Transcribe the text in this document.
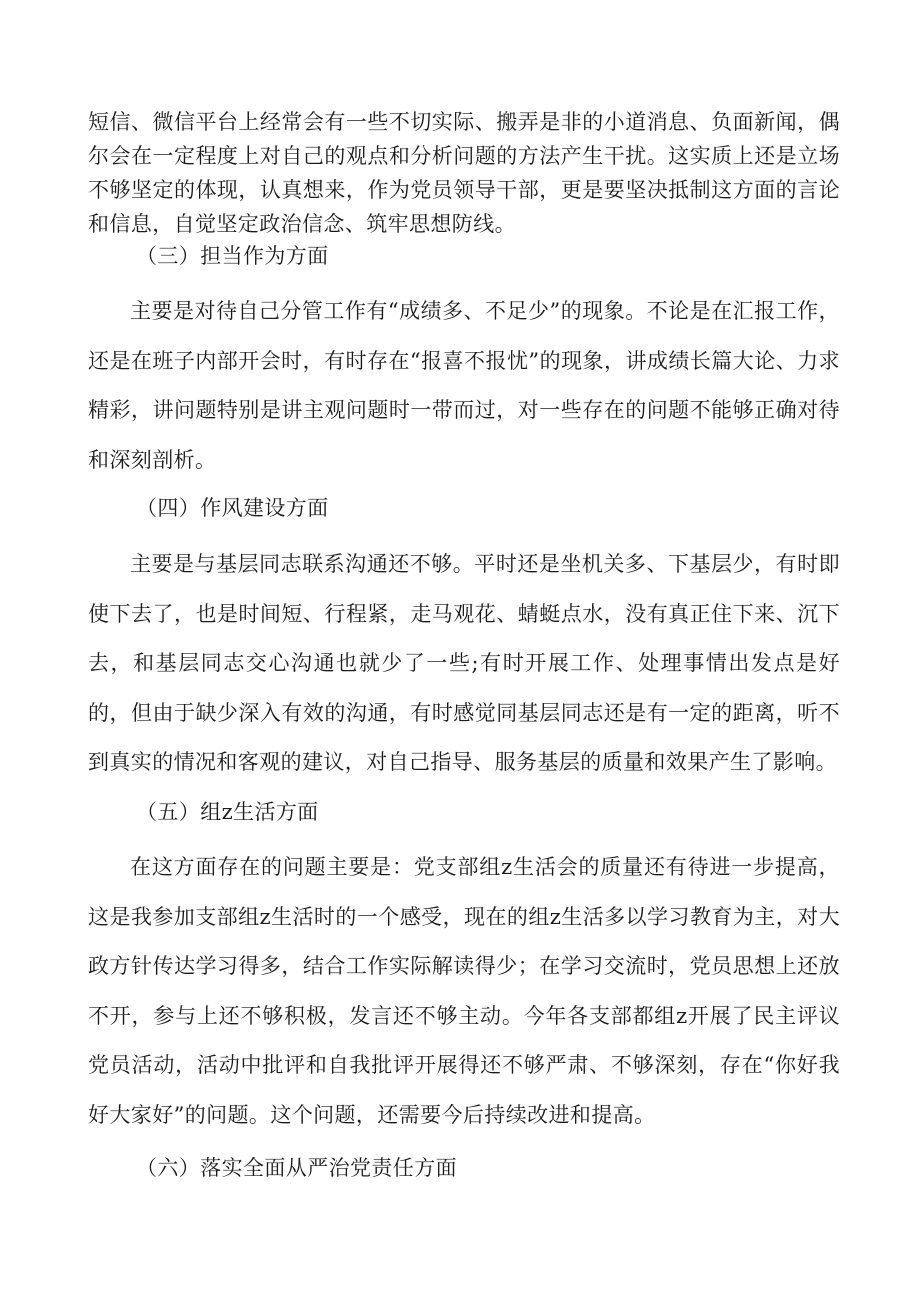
短信、微信平台上经常会有一些不切实际、搬弄是非的小道消息、负面新闻，偶尔会在一定程度上对自己的观点和分析问题的方法产生干扰。这实质上还是立场不够坚定的体现，认真想来，作为党员领导干部，更是要坚决抵制这方面的言论和信息，自觉坚定政治信念、筑牢思想防线。

（三）担当作为方面

主要是对待自己分管工作有“成绩多、不足少”的现象。不论是在汇报工作，还是在班子内部开会时，有时存在“报喜不报忧”的现象，讲成绩长篇大论、力求精彩，讲问题特别是讲主观问题时一带而过，对一些存在的问题不能够正确对待和深刻剖析。

（四）作风建设方面

主要是与基层同志联系沟通还不够。平时还是坐机关多、下基层少，有时即使下去了，也是时间短、行程紧，走马观花、蜻蜓点水，没有真正住下来、沉下去，和基层同志交心沟通也就少了一些;有时开展工作、处理事情出发点是好的，但由于缺少深入有效的沟通，有时感觉同基层同志还是有一定的距离，听不到真实的情况和客观的建议，对自己指导、服务基层的质量和效果产生了影响。

（五）组z生活方面

在这方面存在的问题主要是：党支部组z生活会的质量还有待进一步提高，这是我参加支部组z生活时的一个感受，现在的组z生活多以学习教育为主，对大政方针传达学习得多，结合工作实际解读得少；在学习交流时，党员思想上还放不开，参与上还不够积极，发言还不够主动。今年各支部都组z开展了民主评议党员活动，活动中批评和自我批评开展得还不够严肃、不够深刻，存在“你好我好大家好”的问题。这个问题，还需要今后持续改进和提高。

（六）落实全面从严治党责任方面
